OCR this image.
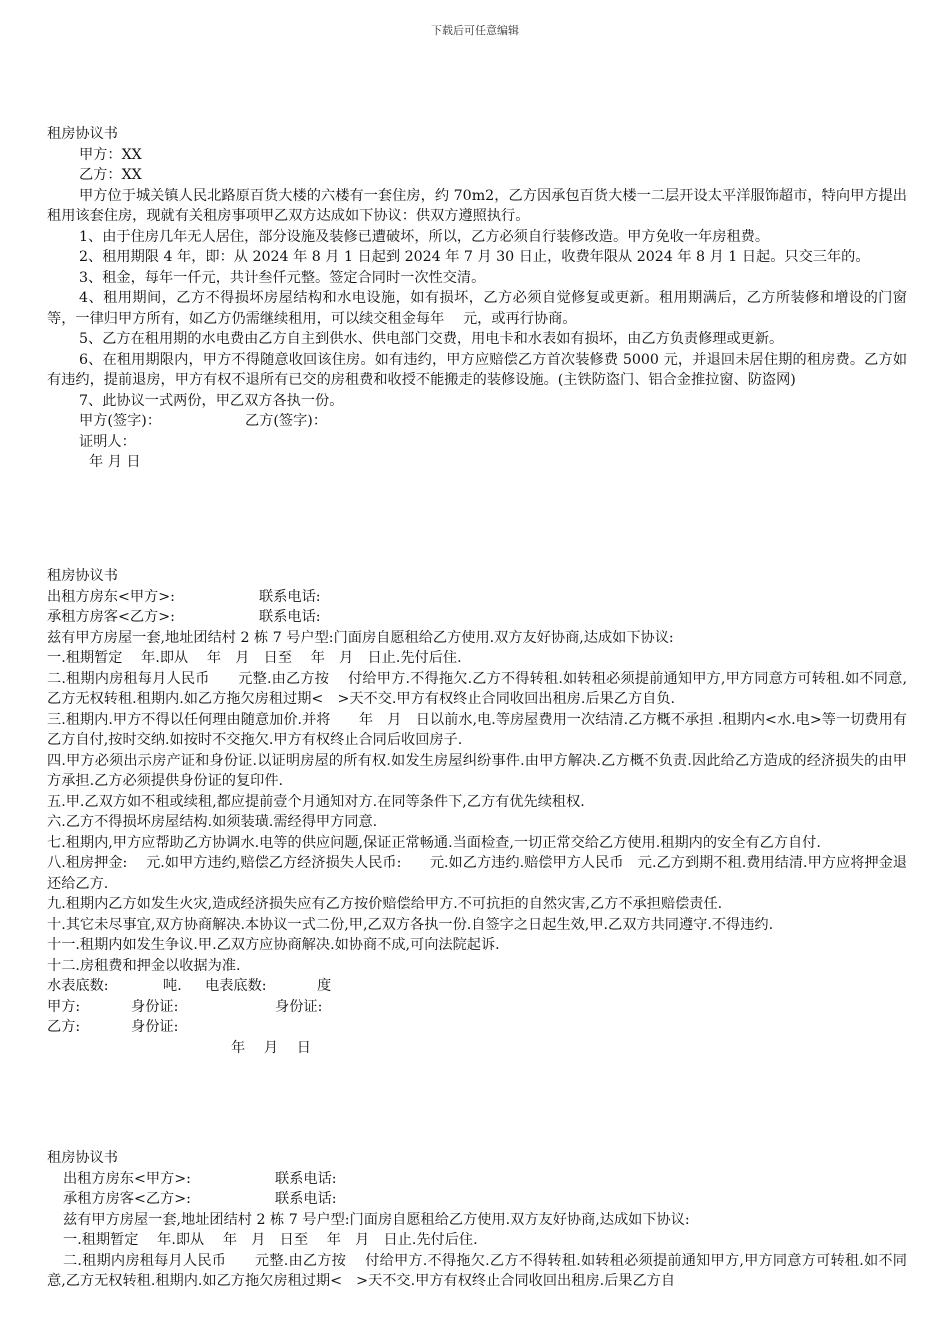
下载后可任意编辑

租房协议书

甲方：XX

乙方：XX

甲方位于城关镇人民北路原百货大楼的六楼有一套住房，约 70m2，乙方因承包百货大楼一二层开设太平洋服饰超市，特向甲方提出租用该套住房，现就有关租房事项甲乙双方达成如下协议：供双方遵照执行。

1、由于住房几年无人居住，部分设施及装修已遭破坏，所以，乙方必须自行装修改造。甲方免收一年房租费。

2、租用期限 4 年，即：从 2024 年 8 月 1 日起到 2024 年 7 月 30 日止，收费年限从 2024 年 8 月 1 日起。只交三年的。

3、租金，每年一仟元，共计叁仟元整。签定合同时一次性交清。

4、租用期间，乙方不得损坏房屋结构和水电设施，如有损坏，乙方必须自觉修复或更新。租用期满后，乙方所装修和增设的门窗等，一律归甲方所有，如乙方仍需继续租用，可以续交租金每年　 元，或再行协商。

5、乙方在租用期的水电费由乙方自主到供水、供电部门交费，用电卡和水表如有损坏，由乙方负责修理或更新。

6、在租用期限内，甲方不得随意收回该住房。如有违约，甲方应赔偿乙方首次装修费 5000 元，并退回未居住期的租房费。乙方如有违约，提前退房，甲方有权不退所有已交的房租费和收授不能搬走的装修设施。(主铁防盗门、铝合金推拉窗、防盗网)

7、此协议一式两份，甲乙双方各执一份。

甲方(签字)：	乙方(签字)：

证明人：

年 月 日

租房协议书

出租方房东<甲方>:	联系电话:
承租方房客<乙方>:	联系电话:

兹有甲方房屋一套,地址团结村 2 栋 7 号户型:门面房自愿租给乙方使用.双方友好协商,达成如下协议:

一.租期暂定　 年.即从　 年　月　日至　 年　月　日止.先付后住.

二.租期内房租每月人民币　　元整.由乙方按　 付给甲方.不得拖欠.乙方不得转租.如转租必须提前通知甲方,甲方同意方可转租.如不同意,乙方无权转租.租期内.如乙方拖欠房租过期<　>天不交.甲方有权终止合同收回出租房.后果乙方自负.

三.租期内.甲方不得以任何理由随意加价.并将　　年　月　日以前水,电.等房屋费用一次结清.乙方概不承担 .租期内<水.电>等一切费用有乙方自付,按时交纳.如按时不交拖欠.甲方有权终止合同后收回房子.

四.甲方必须出示房产证和身份证.以证明房屋的所有权.如发生房屋纠纷事件.由甲方解决.乙方概不负责.因此给乙方造成的经济损失的由甲方承担.乙方必须提供身份证的复印件.

五.甲.乙双方如不租或续租,都应提前壹个月通知对方.在同等条件下,乙方有优先续租权.

六.乙方不得损坏房屋结构.如须装璜.需经得甲方同意.

七.租期内,甲方应帮助乙方协调水.电等的供应问题,保证正常畅通.当面检查,一切正常交给乙方使用.租期内的安全有乙方自付.

八.租房押金:　 元.如甲方违约,赔偿乙方经济损失人民币:　　元.如乙方违约.赔偿甲方人民币　元.乙方到期不租.费用结清.甲方应将押金退还给乙方.

九.租期内乙方如发生火灾,造成经济损失应有乙方按价赔偿给甲方.不可抗拒的自然灾害,乙方不承担赔偿责任.

十.其它未尽事宜,双方协商解决.本协议一式二份,甲,乙双方各执一份.自签字之日起生效,甲.乙双方共同遵守.不得违约.

十一.租期内如发生争议.甲.乙双方应协商解决.如协商不成,可向法院起诉.

十二.房租费和押金以收据为准.

水表底数:	吨.	电表底数:	度
甲方:	身份证:	身份证:
乙方:	身份证:

年　 月　 日

租房协议书

出租方房东<甲方>:	联系电话:
承租方房客<乙方>:	联系电话:

兹有甲方房屋一套,地址团结村 2 栋 7 号户型:门面房自愿租给乙方使用.双方友好协商,达成如下协议:

一.租期暂定　 年.即从　 年　月　日至　 年　月　日止.先付后住.

二.租期内房租每月人民币　　元整.由乙方按　 付给甲方.不得拖欠.乙方不得转租.如转租必须提前通知甲方,甲方同意方可转租.如不同意,乙方无权转租.租期内.如乙方拖欠房租过期<　>天不交.甲方有权终止合同收回出租房.后果乙方自
